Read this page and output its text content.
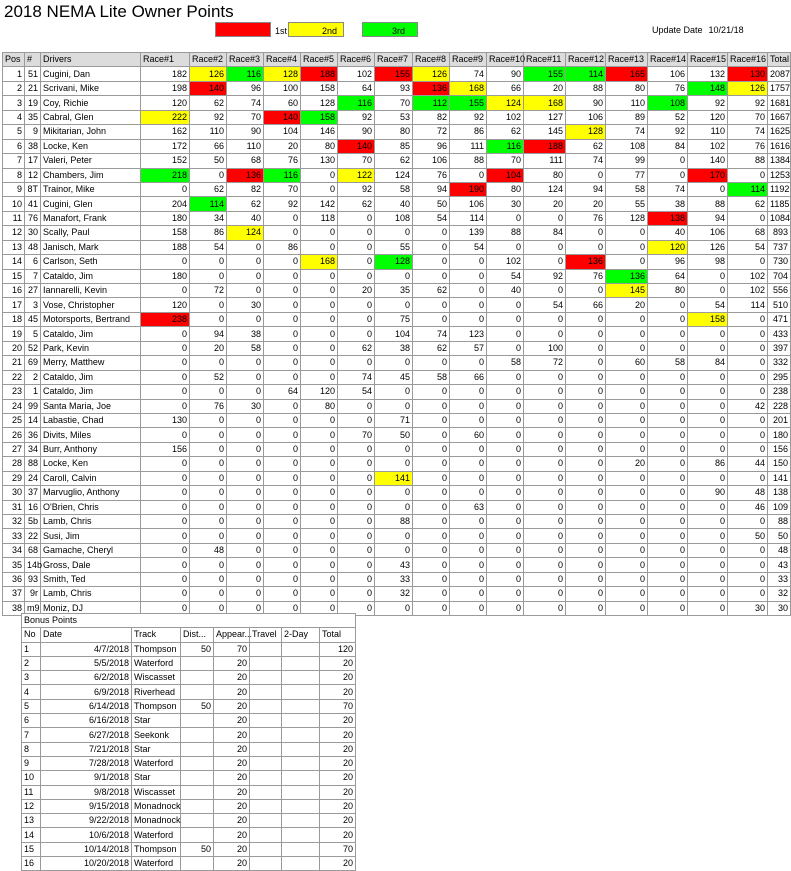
2018 NEMA Lite Owner Points
1st	2nd	3rd	Update Date 10/21/18
Pos	#	Drivers	Race#1	Race#2	Race#3	Race#4	Race#5	Race#6	Race#7	Race#8	Race#9	Race#10	Race#11	Race#12	Race#13	Race#14	Race#15	Race#16	Total
1	51	Cugini, Dan	182	126	116	128	188	102	155	126	74	90	155	114	165	106	132	130	2087
2	21	Scrivani, Mike	198	140	96	100	158	64	93	136	168	66	20	88	80	76	148	126	1757
3	19	Coy, Richie	120	62	74	60	128	116	70	112	155	124	168	90	110	108	92	92	1681
4	35	Cabral, Glen	222	92	70	140	158	92	53	82	92	102	127	106	89	52	120	70	1667
5	9	Mikitarian, John	162	110	90	104	146	90	80	72	86	62	145	128	74	92	110	74	1625
6	38	Locke, Ken	172	66	110	20	80	140	85	96	111	116	188	62	108	84	102	76	1616
7	17	Valeri, Peter	152	50	68	76	130	70	62	106	88	70	111	74	99	0	140	88	1384
8	12	Chambers, Jim	218	0	136	116	0	122	124	76	0	104	80	0	77	0	170	0	1253
9	8T	Trainor, Mike	0	62	82	70	0	92	58	94	190	80	124	94	58	74	0	114	1192
10	41	Cugini, Glen	204	114	62	92	142	62	40	50	106	30	20	20	55	38	88	62	1185
11	76	Manafort, Frank	180	34	40	0	118	0	108	54	114	0	0	76	128	138	94	0	1084
12	30	Scally, Paul	158	86	124	0	0	0	0	0	139	88	84	0	0	40	106	68	893
13	48	Janisch, Mark	188	54	0	86	0	0	55	0	54	0	0	0	0	120	126	54	737
14	6	Carlson, Seth	0	0	0	0	168	0	128	0	0	102	0	136	0	96	98	0	730
15	7	Cataldo, Jim	180	0	0	0	0	0	0	0	0	54	92	76	136	64	0	102	704
16	27	Iannarelli, Kevin	0	72	0	0	0	20	35	62	0	40	0	0	145	80	0	102	556
17	3	Vose, Christopher	120	0	30	0	0	0	0	0	0	0	54	66	20	0	54	114	510
18	45	Motorsports, Bertrand	238	0	0	0	0	0	75	0	0	0	0	0	0	0	158	0	471
19	5	Cataldo, Jim	0	94	38	0	0	0	104	74	123	0	0	0	0	0	0	0	433
20	52	Park, Kevin	0	20	58	0	0	62	38	62	57	0	100	0	0	0	0	0	397
21	69	Merry, Matthew	0	0	0	0	0	0	0	0	0	58	72	0	60	58	84	0	332
22	2	Cataldo, Jim	0	52	0	0	0	74	45	58	66	0	0	0	0	0	0	0	295
23	1	Cataldo, Jim	0	0	0	64	120	54	0	0	0	0	0	0	0	0	0	0	238
24	99	Santa Maria, Joe	0	76	30	0	80	0	0	0	0	0	0	0	0	0	0	42	228
25	14	Labastie, Chad	130	0	0	0	0	0	71	0	0	0	0	0	0	0	0	0	201
26	36	Divits, Miles	0	0	0	0	0	70	50	0	60	0	0	0	0	0	0	0	180
27	34	Burr, Anthony	156	0	0	0	0	0	0	0	0	0	0	0	0	0	0	0	156
28	88	Locke, Ken	0	0	0	0	0	0	0	0	0	0	0	0	20	0	86	44	150
29	24	Caroll, Calvin	0	0	0	0	0	0	141	0	0	0	0	0	0	0	0	0	141
30	37	Marvuglio, Anthony	0	0	0	0	0	0	0	0	0	0	0	0	0	0	90	48	138
31	16	O'Brien, Chris	0	0	0	0	0	0	0	0	63	0	0	0	0	0	0	46	109
32	5b	Lamb, Chris	0	0	0	0	0	0	88	0	0	0	0	0	0	0	0	0	88
33	22	Susi, Jim	0	0	0	0	0	0	0	0	0	0	0	0	0	0	0	50	50
34	68	Gamache, Cheryl	0	48	0	0	0	0	0	0	0	0	0	0	0	0	0	0	48
35	14b	Gross, Dale	0	0	0	0	0	0	43	0	0	0	0	0	0	0	0	0	43
36	93	Smith, Ted	0	0	0	0	0	0	33	0	0	0	0	0	0	0	0	0	33
37	9r	Lamb, Chris	0	0	0	0	0	0	32	0	0	0	0	0	0	0	0	0	32
38	m9	Moniz, DJ	0	0	0	0	0	0	0	0	0	0	0	0	0	0	0	30	30
Bonus Points							
No	Date	Track	Dist...	Appear...	Travel	2-Day	Total
1	4/7/2018	Thompson	50	70			120
2	5/5/2018	Waterford		20			20
3	6/2/2018	Wiscasset		20			20
4	6/9/2018	Riverhead		20			20
5	6/14/2018	Thompson	50	20			70
6	6/16/2018	Star		20			20
7	6/27/2018	Seekonk		20			20
8	7/21/2018	Star		20			20
9	7/28/2018	Waterford		20			20
10	9/1/2018	Star		20			20
11	9/8/2018	Wiscasset		20			20
12	9/15/2018	Monadnock		20			20
13	9/22/2018	Monadnock		20			20
14	10/6/2018	Waterford		20			20
15	10/14/2018	Thompson	50	20			70
16	10/20/2018	Waterford		20			20
